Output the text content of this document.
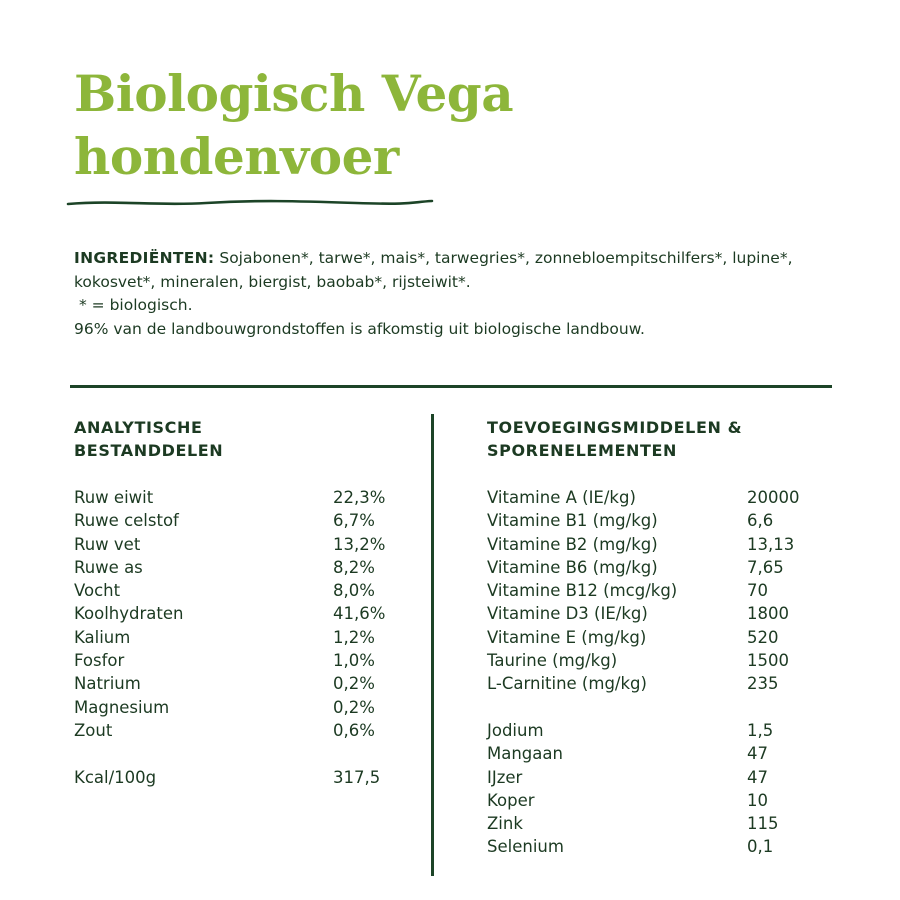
Biologisch Vega
hondenvoer
INGREDIËNTEN: Sojabonen*, tarwe*, mais*, tarwegries*, zonnebloempitschilfers*, lupine*,
kokosvet*, mineralen, biergist, baobab*, rijsteiwit*.
* = biologisch.
96% van de landbouwgrondstoffen is afkomstig uit biologische landbouw.
ANALYTISCHE
BESTANDDELEN
Ruw eiwit	22,3%
Ruwe celstof	6,7%
Ruw vet	13,2%
Ruwe as	8,2%
Vocht	8,0%
Koolhydraten	41,6%
Kalium	1,2%
Fosfor	1,0%
Natrium	0,2%
Magnesium	0,2%
Zout	0,6%
Kcal/100g	317,5
TOEVOEGINGSMIDDELEN &
SPORENELEMENTEN
Vitamine A (IE/kg)	20000
Vitamine B1 (mg/kg)	6,6
Vitamine B2 (mg/kg)	13,13
Vitamine B6 (mg/kg)	7,65
Vitamine B12 (mcg/kg)	70
Vitamine D3 (IE/kg)	1800
Vitamine E (mg/kg)	520
Taurine (mg/kg)	1500
L-Carnitine (mg/kg)	235
Jodium	1,5
Mangaan	47
IJzer	47
Koper	10
Zink	115
Selenium	0,1
